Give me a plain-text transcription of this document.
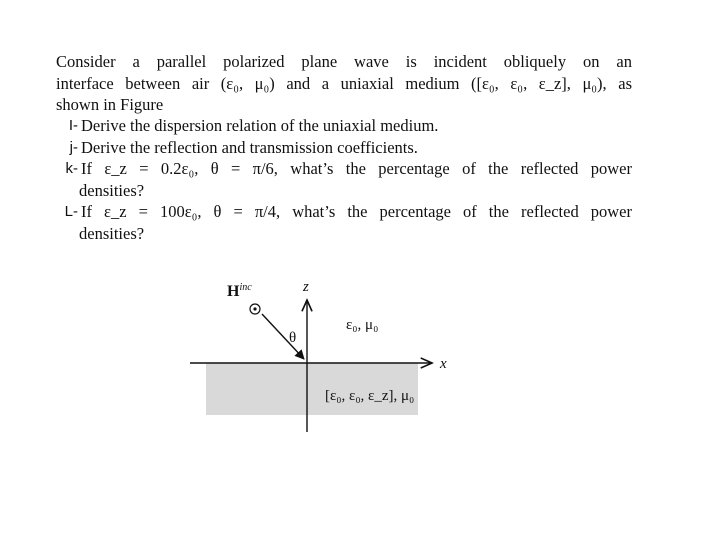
Consider a parallel polarized plane wave is incident obliquely on an
interface between air (ε₀, μ₀) and a uniaxial medium ([ε₀, ε₀, ε_z], μ₀), as
shown in Figure
I- Derive the dispersion relation of the uniaxial medium.
j- Derive the reflection and transmission coefficients.
k- If ε_z = 0.2ε₀, θ = π/6, what’s the percentage of the reflected power
densities?
L- If ε_z = 100ε₀, θ = π/4, what’s the percentage of the reflected power
densities?
$H^{inc}$	z
x
θ
ε₀, μ₀
[ε₀, ε₀, ε_z], μ₀
